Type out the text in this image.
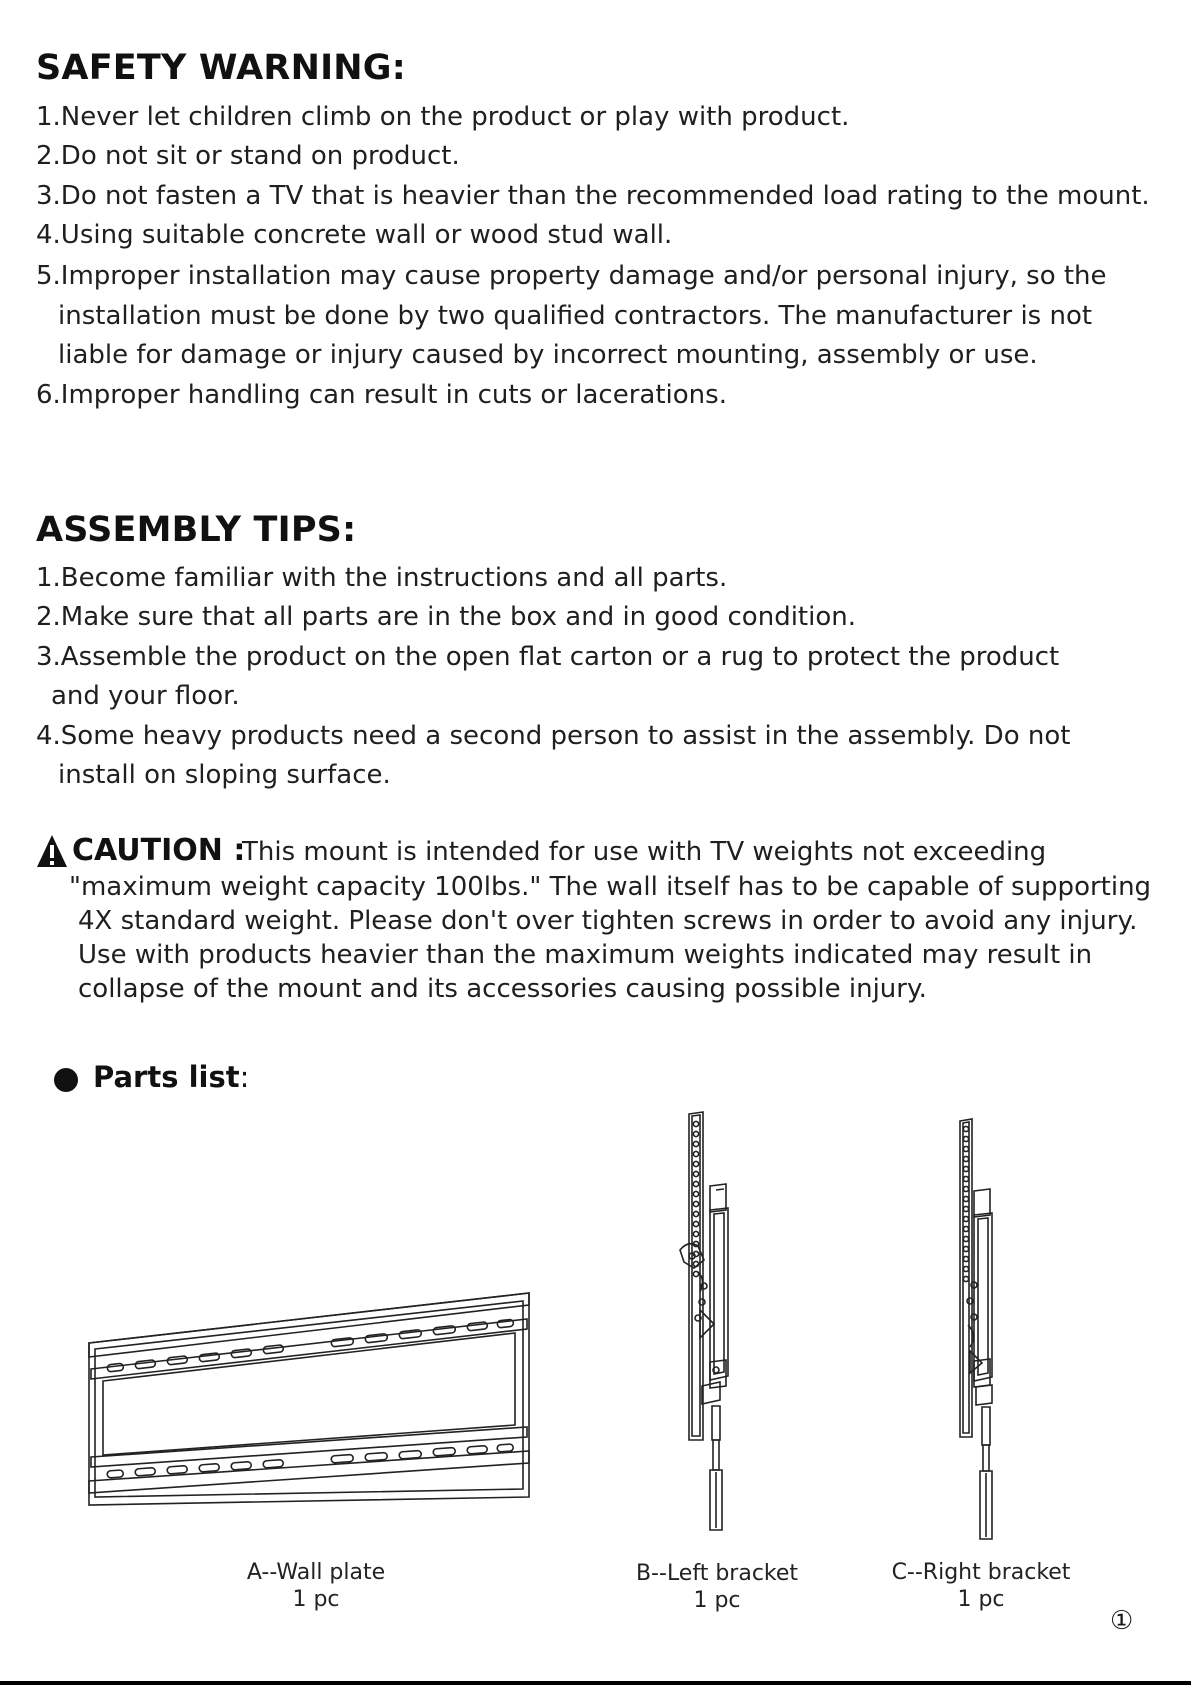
SAFETY WARNING:
1.Never let children climb on the product or play with product.
2.Do not sit or stand on product.
3.Do not fasten a TV that is heavier than the recommended load rating to the mount.
4.Using suitable concrete wall or wood stud wall.
5.Improper installation may cause property damage and/or personal injury, so the
installation must be done by two qualified contractors. The manufacturer is not
liable for damage or injury caused by incorrect mounting, assembly or use.
6.Improper handling can result in cuts or lacerations.
ASSEMBLY TIPS:
1.Become familiar with the instructions and all parts.
2.Make sure that all parts are in the box and in good condition.
3.Assemble the product on the open flat carton or a rug to protect the product
and your floor.
4.Some heavy products need a second person to assist in the assembly. Do not
install on sloping surface.
CAUTION :
This mount is intended for use with TV weights not exceeding
"maximum weight capacity 100lbs." The wall itself has to be capable of supporting
4X standard weight. Please don't over tighten screws in order to avoid any injury.
Use with products heavier than the maximum weights indicated may result in
collapse of the mount and its accessories causing possible injury.
Parts list:
A--Wall plate
1 pc
B--Left bracket
1 pc
C--Right bracket
1 pc
①
